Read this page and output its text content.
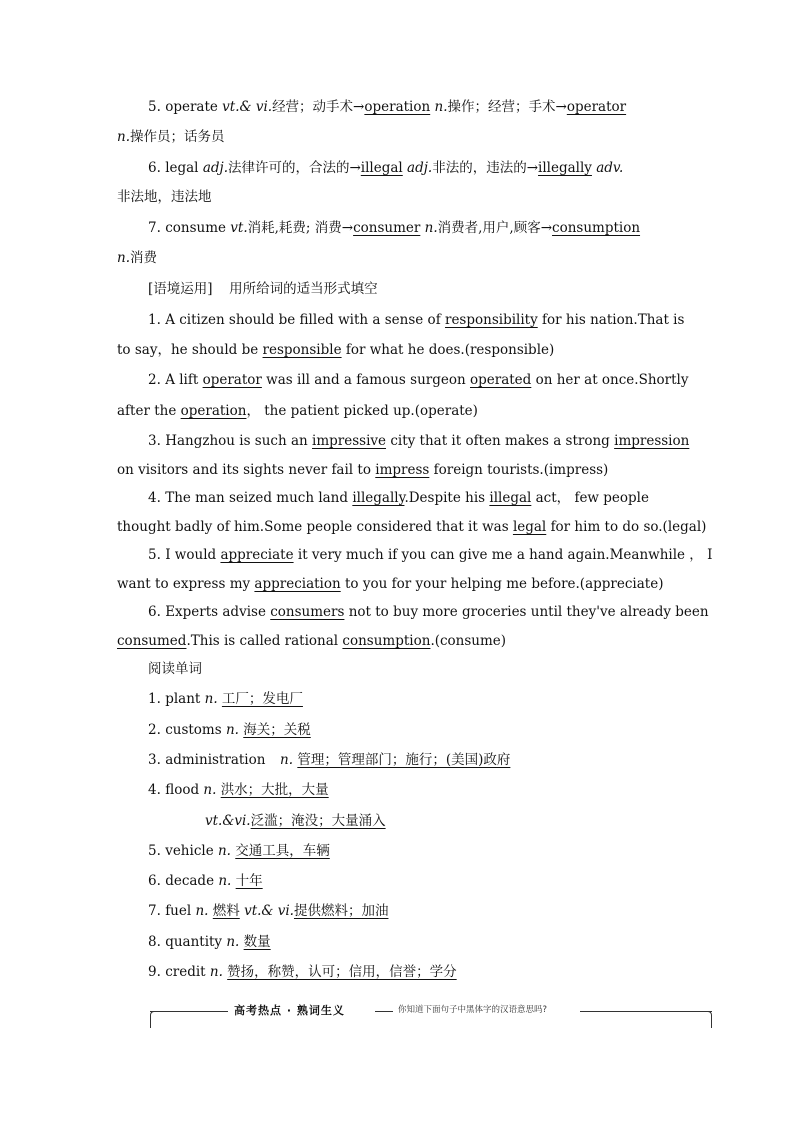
5. operate vt.& vi.经营；动手术→operation n.操作；经营；手术→operator
n.操作员；话务员
6. legal adj.法律许可的，合法的→illegal adj.非法的，违法的→illegally adv.
非法地，违法地
7. consume vt.消耗,耗费; 消费→consumer n.消费者,用户,顾客→consumption
n.消费
[语境运用] 用所给词的适当形式填空
1. A citizen should be filled with a sense of responsibility for his nation.That is
to say，he should be responsible for what he does.(responsible)
2. A lift operator was ill and a famous surgeon operated on her at once.Shortly
after the operation， the patient picked up.(operate)
3. Hangzhou is such an impressive city that it often makes a strong impression
on visitors and its sights never fail to impress foreign tourists.(impress)
4. The man seized much land illegally.Despite his illegal act， few people
thought badly of him.Some people considered that it was legal for him to do so.(legal)
5. I would appreciate it very much if you can give me a hand again.Meanwhile ， I
want to express my appreciation to you for your helping me before.(appreciate)
6. Experts advise consumers not to buy more groceries until they've already been
consumed.This is called rational consumption.(consume)
阅读单词
1. plant n. 工厂；发电厂
2. customs n. 海关；关税
3. administration n. 管理；管理部门；施行；(美国)政府
4. flood n. 洪水；大批，大量
vt.&vi.泛滥；淹没；大量涌入
5. vehicle n. 交通工具，车辆
6. decade n. 十年
7. fuel n. 燃料 vt.& vi.提供燃料；加油
8. quantity n. 数量
9. credit n. 赞扬，称赞，认可；信用，信誉；学分
高考热点 · 熟词生义	你知道下面句子中黑体字的汉语意思吗?
